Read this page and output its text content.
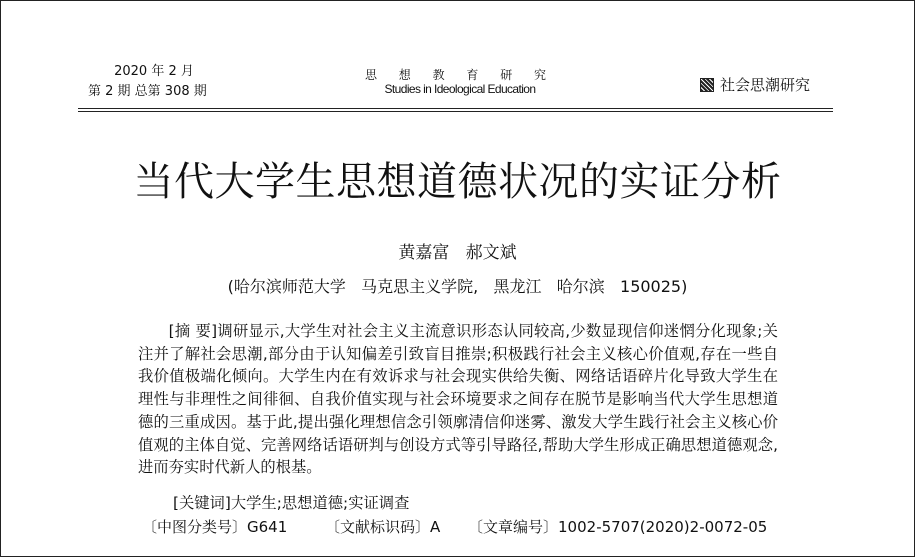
2020 年 2 月
第 2 期 总第 308 期
思 想 教 育 研 究
Studies in Ideological Education	社会思潮研究
当代大学生思想道德状况的实证分析
黄嘉富   郝文斌
(哈尔滨师范大学   马克思主义学院,   黑龙江   哈尔滨   150025)
[摘 要]调研显示,大学生对社会主义主流意识形态认同较高,少数显现信仰迷惘分化现象;关注并了解社会思潮,部分由于认知偏差引致盲目推崇;积极践行社会主义核心价值观,存在一些自我价值极端化倾向。大学生内在有效诉求与社会现实供给失衡、网络话语碎片化导致大学生在理性与非理性之间徘徊、自我价值实现与社会环境要求之间存在脱节是影响当代大学生思想道德的三重成因。基于此,提出强化理想信念引领廓清信仰迷雾、激发大学生践行社会主义核心价值观的主体自觉、完善网络话语研判与创设方式等引导路径,帮助大学生形成正确思想道德观念,进而夯实时代新人的根基。
[关键词]大学生;思想道德;实证调查
〔中图分类号〕G641	〔文献标识码〕A 〔文章编号〕1002-5707(2020)2-0072-05
